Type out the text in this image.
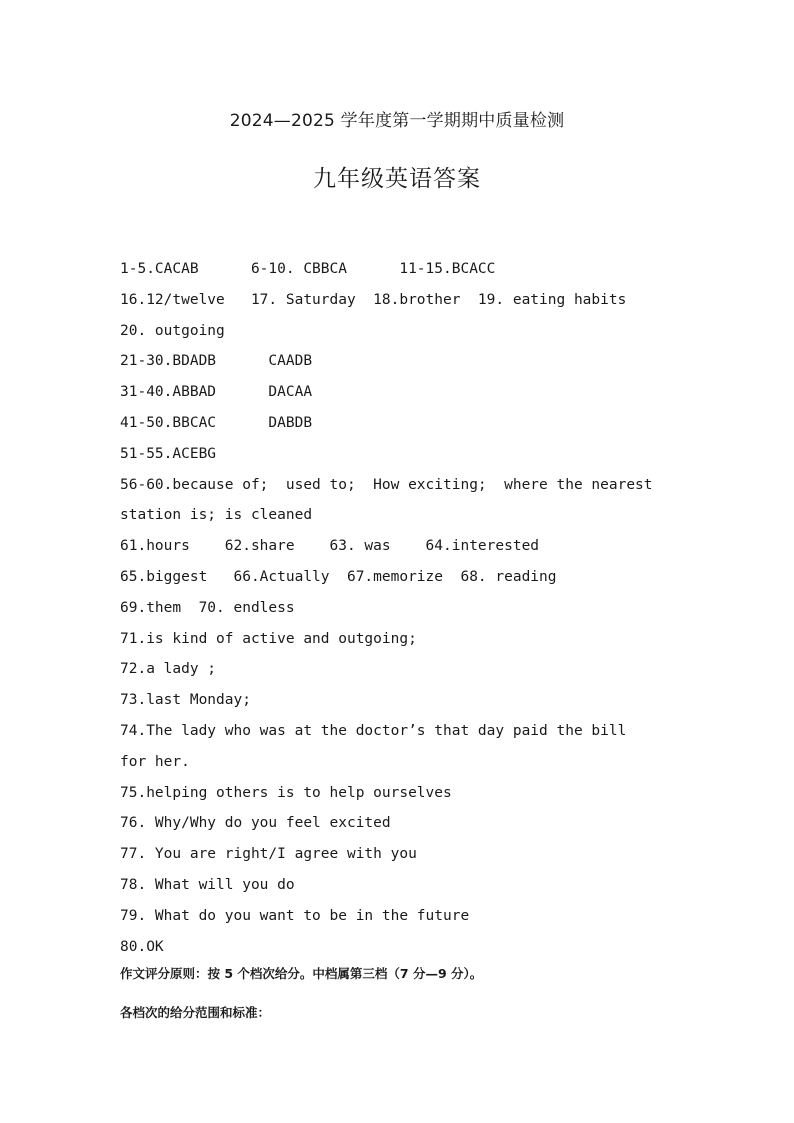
2024—2025 学年度第一学期期中质量检测
九年级英语答案
1-5.CACAB      6-10. CBBCA      11-15.BCACC
16.12/twelve   17. Saturday  18.brother  19. eating habits
20. outgoing
21-30.BDADB      CAADB
31-40.ABBAD      DACAA
41-50.BBCAC      DABDB
51-55.ACEBG
56-60.because of;  used to;  How exciting;  where the nearest
station is; is cleaned
61.hours    62.share    63. was    64.interested
65.biggest   66.Actually  67.memorize  68. reading
69.them  70. endless
71.is kind of active and outgoing;
72.a lady ;
73.last Monday;
74.The lady who was at the doctor’s that day paid the bill
for her.
75.helping others is to help ourselves
76. Why/Why do you feel excited
77. You are right/I agree with you
78. What will you do
79. What do you want to be in the future
80.OK
作文评分原则：按 5 个档次给分。中档属第三档（7 分—9 分）。
各档次的给分范围和标准：
